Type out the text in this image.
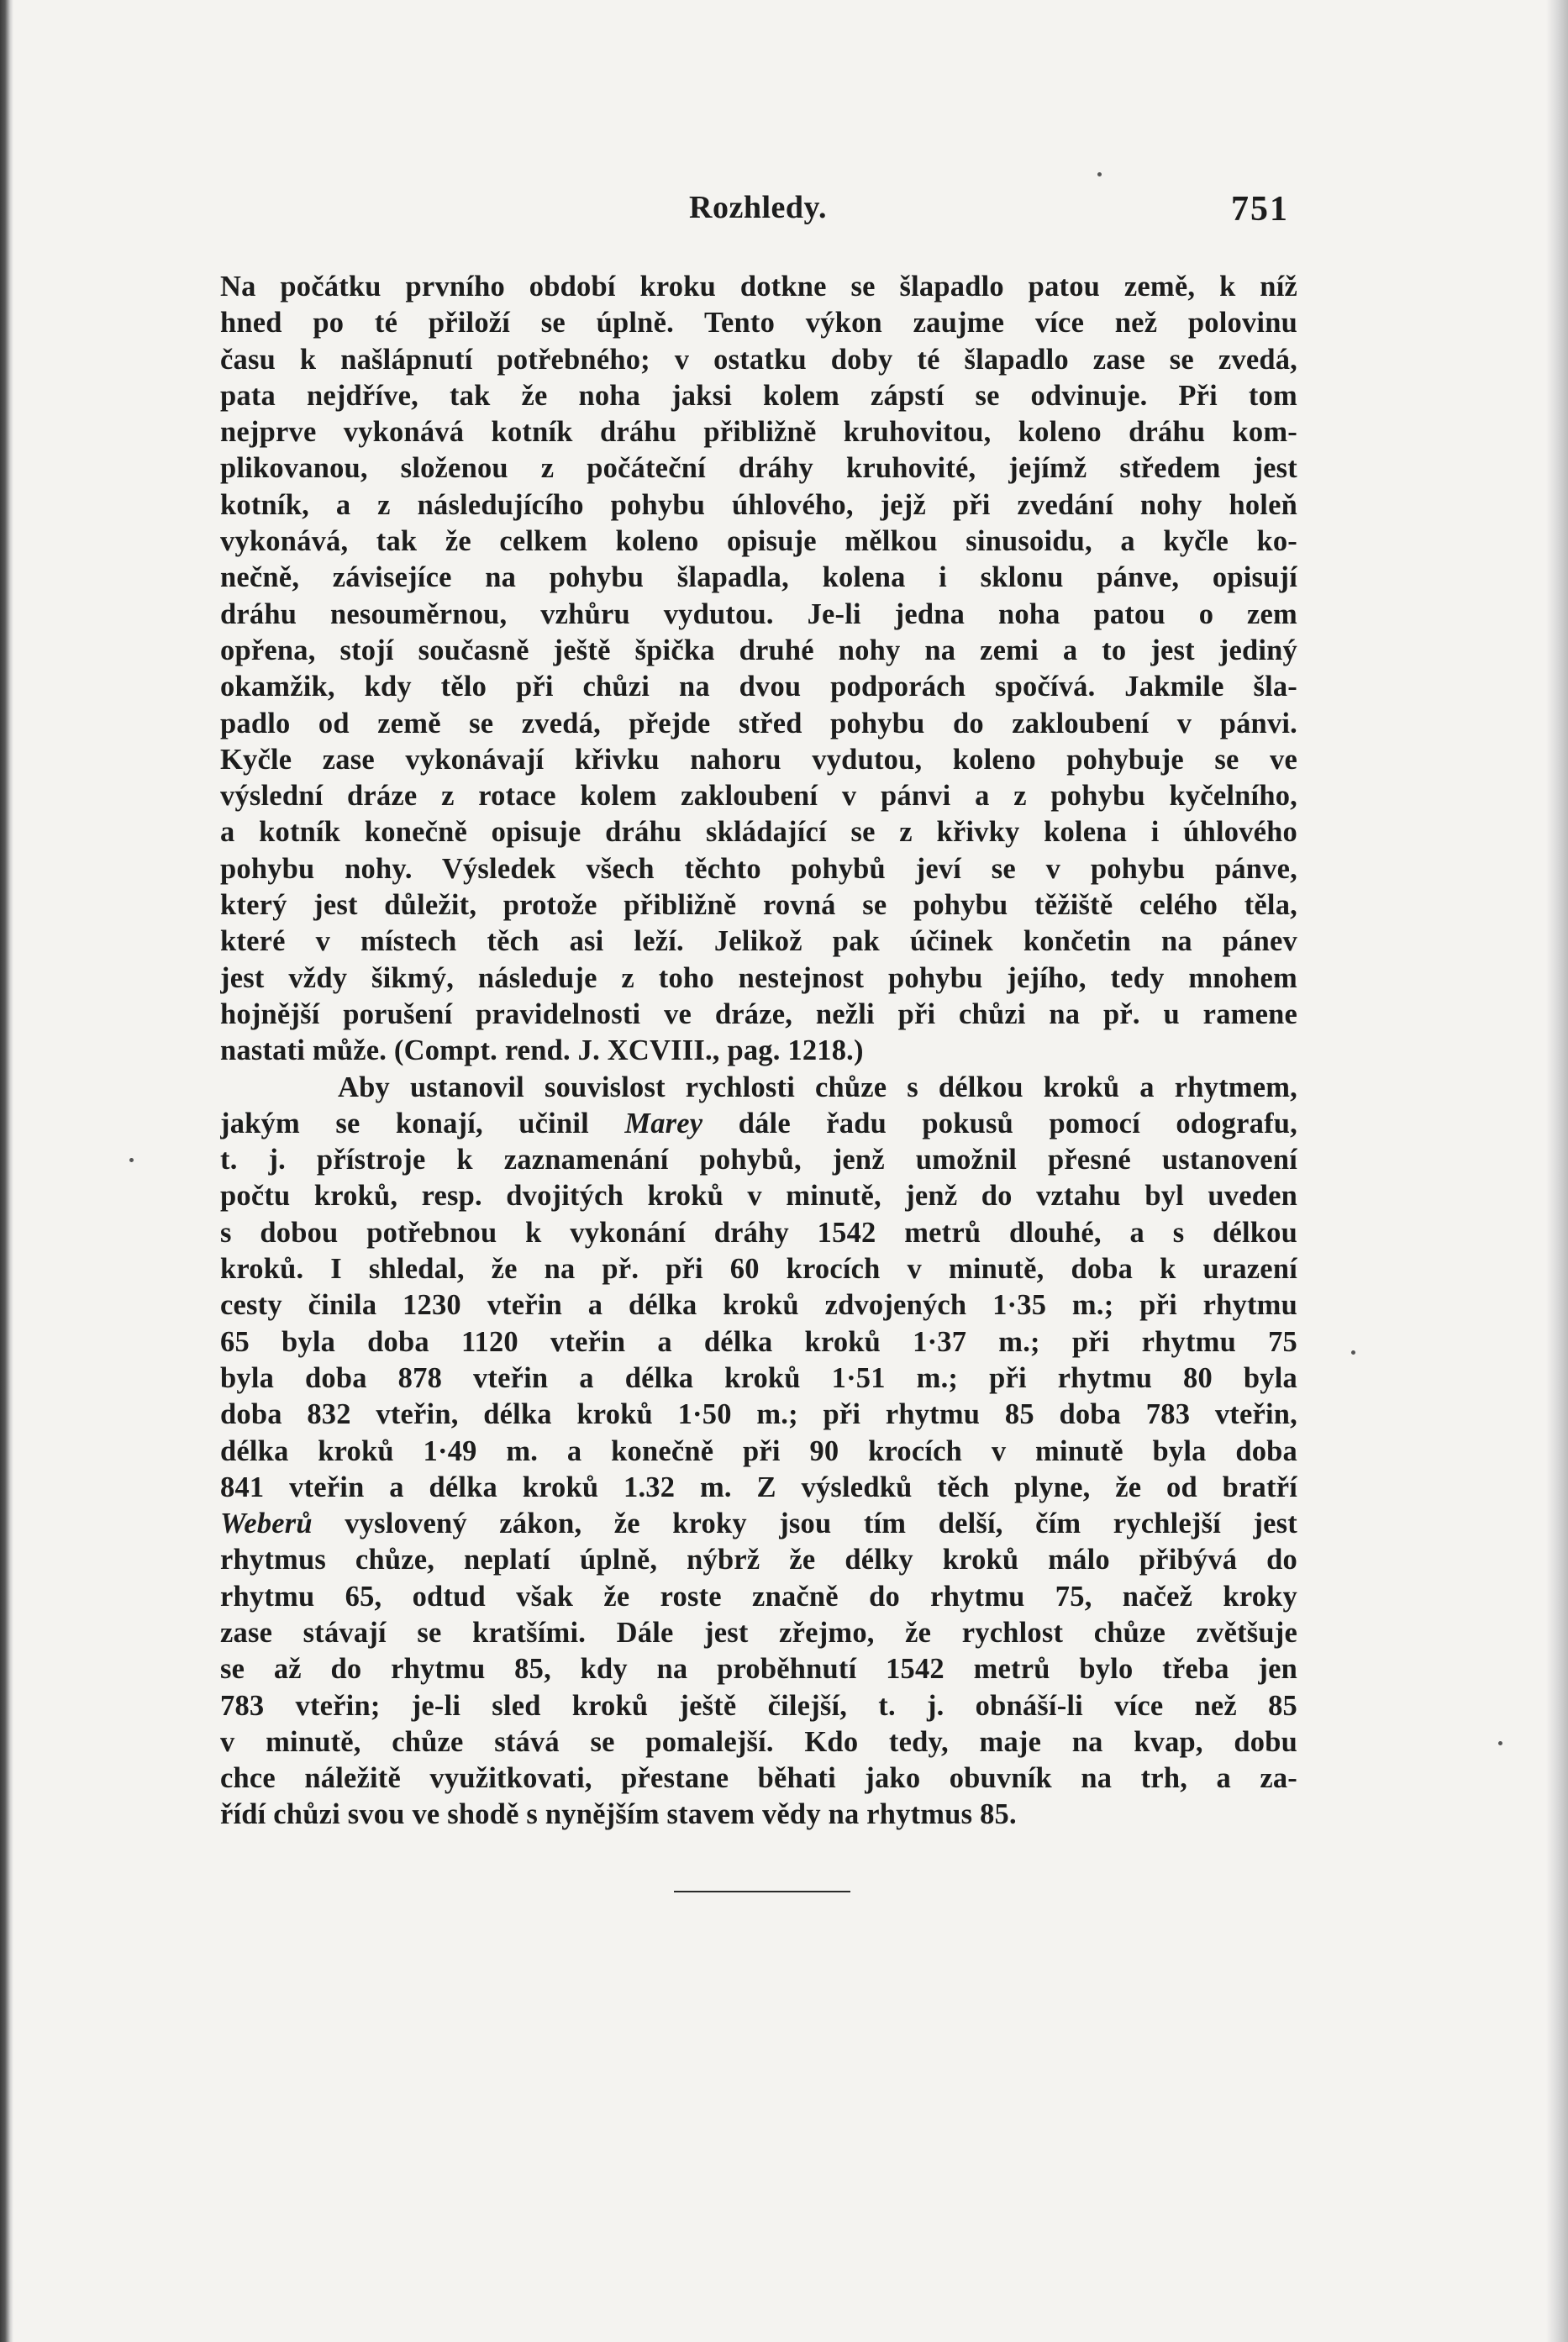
Rozhledy.	751
Na počátku prvního období kroku dotkne se šlapadlo patou země, k níž
hned po té přiloží se úplně. Tento výkon zaujme více než polovinu
času k našlápnutí potřebného; v ostatku doby té šlapadlo zase se zvedá,
pata nejdříve, tak že noha jaksi kolem zápstí se odvinuje. Při tom
nejprve vykonává kotník dráhu přibližně kruhovitou, koleno dráhu kom-
plikovanou, složenou z počáteční dráhy kruhovité, jejímž středem jest
kotník, a z následujícího pohybu úhlového, jejž při zvedání nohy holeň
vykonává, tak že celkem koleno opisuje mělkou sinusoidu, a kyčle ko-
nečně, závisejíce na pohybu šlapadla, kolena i sklonu pánve, opisují
dráhu nesouměrnou, vzhůru vydutou. Je-li jedna noha patou o zem
opřena, stojí současně ještě špička druhé nohy na zemi a to jest jediný
okamžik, kdy tělo při chůzi na dvou podporách spočívá. Jakmile šla-
padlo od země se zvedá, přejde střed pohybu do zakloubení v pánvi.
Kyčle zase vykonávají křivku nahoru vydutou, koleno pohybuje se ve
výslední dráze z rotace kolem zakloubení v pánvi a z pohybu kyčelního,
a kotník konečně opisuje dráhu skládající se z křivky kolena i úhlového
pohybu nohy. Výsledek všech těchto pohybů jeví se v pohybu pánve,
který jest důležit, protože přibližně rovná se pohybu těžiště celého těla,
které v místech těch asi leží. Jelikož pak účinek končetin na pánev
jest vždy šikmý, následuje z toho nestejnost pohybu jejího, tedy mnohem
hojnější porušení pravidelnosti ve dráze, nežli při chůzi na př. u ramene
nastati může. (Compt. rend. J. XCVIII., pag. 1218.)
Aby ustanovil souvislost rychlosti chůze s délkou kroků a rhytmem,
jakým se konají, učinil Marey dále řadu pokusů pomocí odografu,
t. j. přístroje k zaznamenání pohybů, jenž umožnil přesné ustanovení
počtu kroků, resp. dvojitých kroků v minutě, jenž do vztahu byl uveden
s dobou potřebnou k vykonání dráhy 1542 metrů dlouhé, a s délkou
kroků. I shledal, že na př. při 60 krocích v minutě, doba k urazení
cesty činila 1230 vteřin a délka kroků zdvojených 1·35 m.; při rhytmu
65 byla doba 1120 vteřin a délka kroků 1·37 m.; při rhytmu 75
byla doba 878 vteřin a délka kroků 1·51 m.; při rhytmu 80 byla
doba 832 vteřin, délka kroků 1·50 m.; při rhytmu 85 doba 783 vteřin,
délka kroků 1·49 m. a konečně při 90 krocích v minutě byla doba
841 vteřin a délka kroků 1.32 m. Z výsledků těch plyne, že od bratří
Weberů vyslovený zákon, že kroky jsou tím delší, čím rychlejší jest
rhytmus chůze, neplatí úplně, nýbrž že délky kroků málo přibývá do
rhytmu 65, odtud však že roste značně do rhytmu 75, načež kroky
zase stávají se kratšími. Dále jest zřejmo, že rychlost chůze zvětšuje
se až do rhytmu 85, kdy na proběhnutí 1542 metrů bylo třeba jen
783 vteřin; je-li sled kroků ještě čilejší, t. j. obnáší-li více než 85
v minutě, chůze stává se pomalejší. Kdo tedy, maje na kvap, dobu
chce náležitě využitkovati, přestane běhati jako obuvník na trh, a za-
řídí chůzi svou ve shodě s nynějším stavem vědy na rhytmus 85.
